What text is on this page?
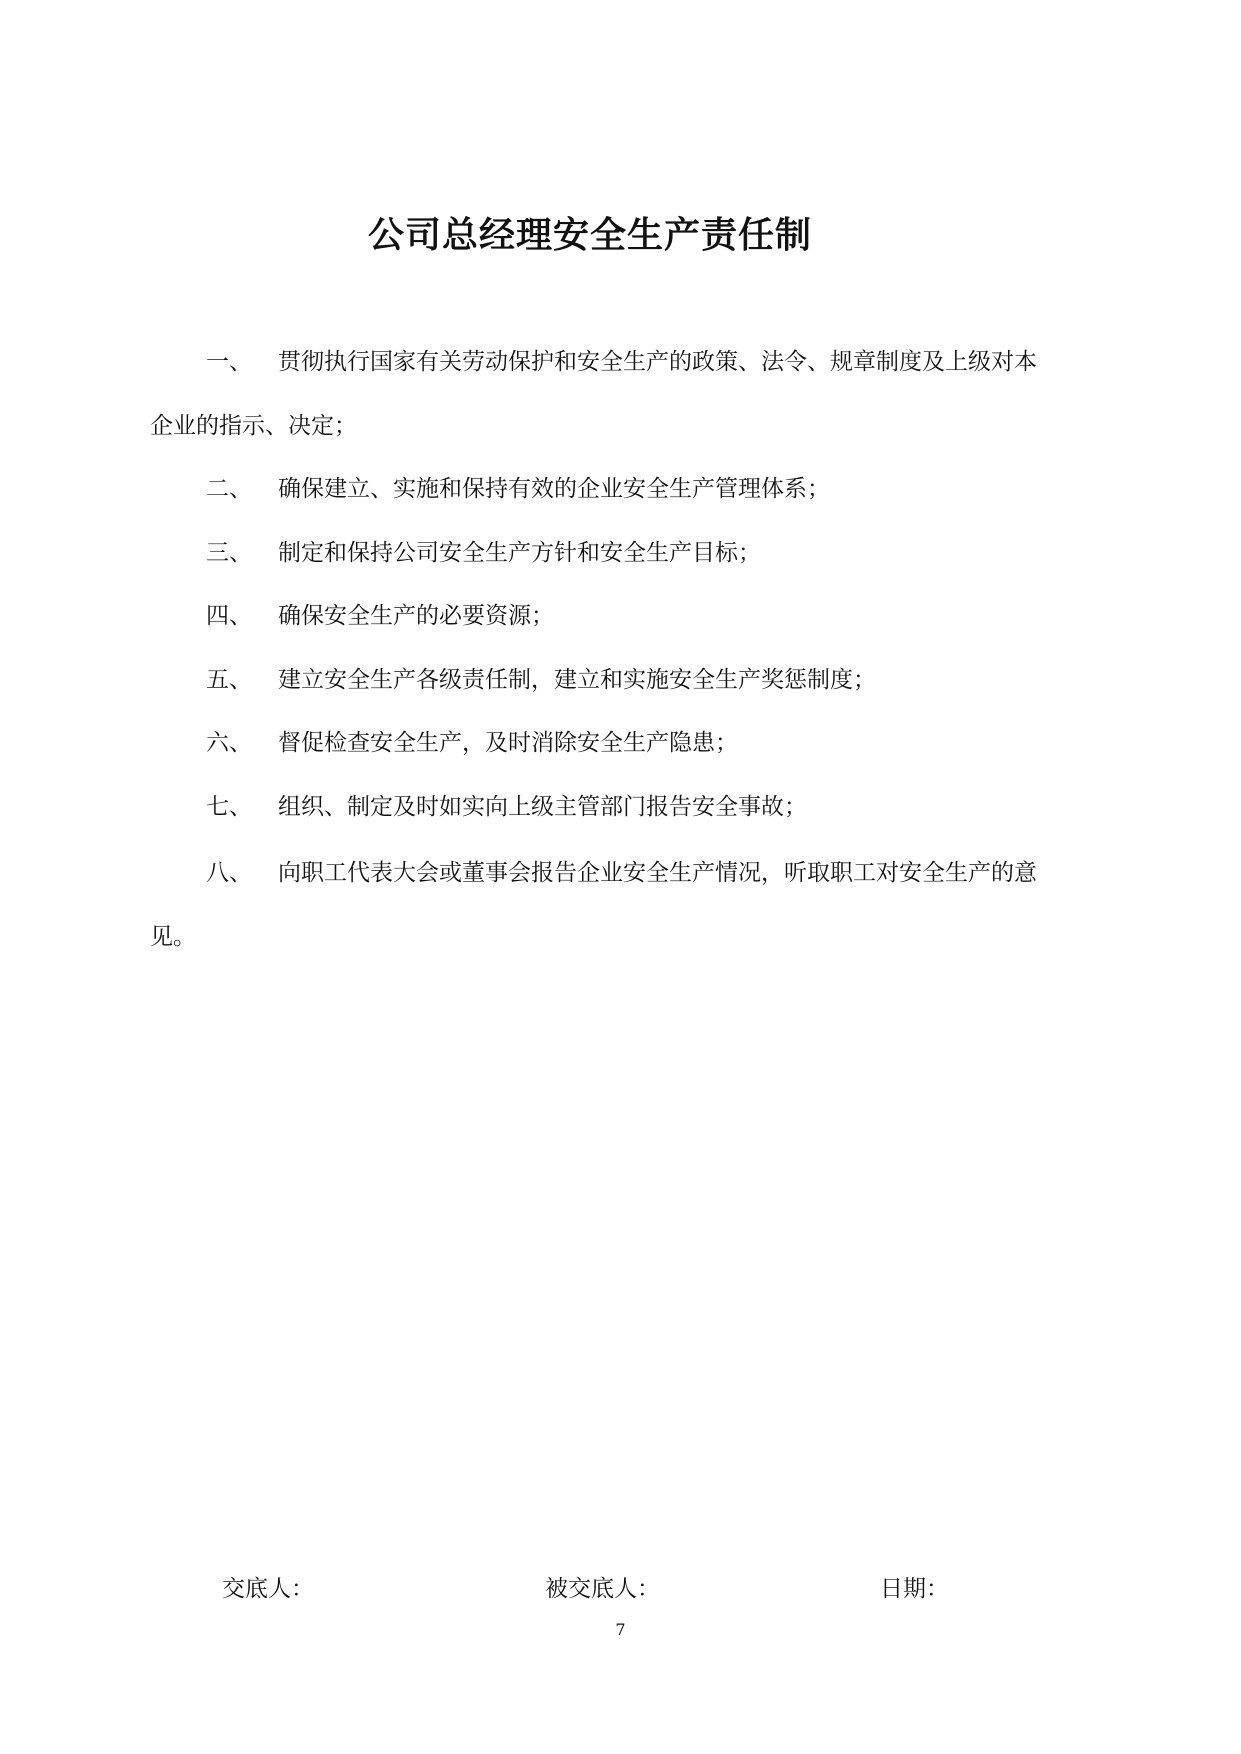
公司总经理安全生产责任制
一、 贯彻执行国家有关劳动保护和安全生产的政策、法令、规章制度及上级对本
企业的指示、决定；
二、 确保建立、实施和保持有效的企业安全生产管理体系；
三、 制定和保持公司安全生产方针和安全生产目标；
四、 确保安全生产的必要资源；
五、 建立安全生产各级责任制，建立和实施安全生产奖惩制度；
六、 督促检查安全生产，及时消除安全生产隐患；
七、 组织、制定及时如实向上级主管部门报告安全事故；
八、 向职工代表大会或董事会报告企业安全生产情况，听取职工对安全生产的意
见。
交底人：	被交底人：	日期：
7
